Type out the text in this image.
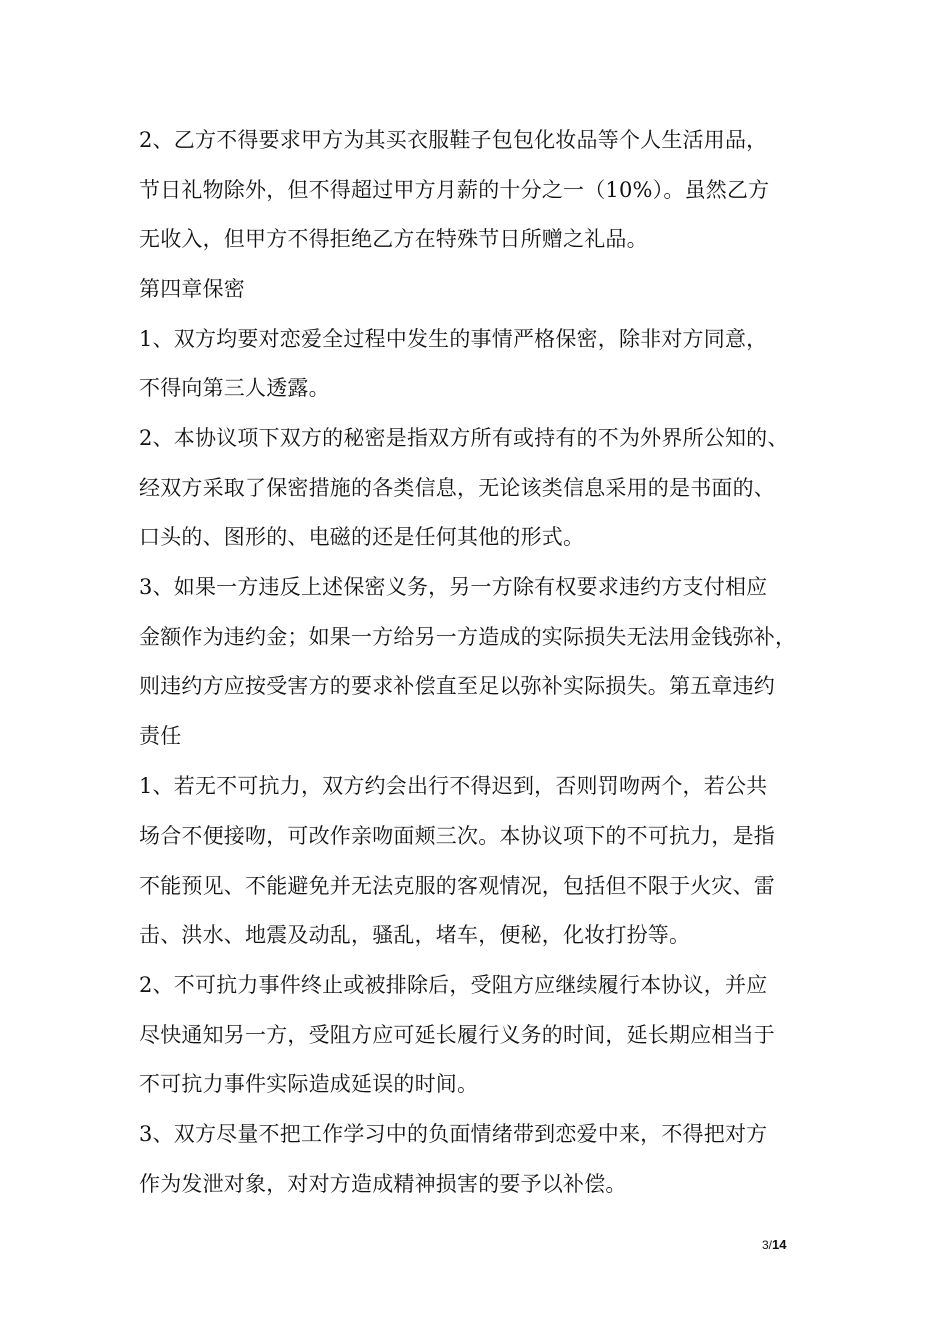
2、乙方不得要求甲方为其买衣服鞋子包包化妆品等个人生活用品，
节日礼物除外，但不得超过甲方月薪的十分之一（10%）。虽然乙方
无收入，但甲方不得拒绝乙方在特殊节日所赠之礼品。
第四章保密
1、双方均要对恋爱全过程中发生的事情严格保密，除非对方同意，
不得向第三人透露。
2、本协议项下双方的秘密是指双方所有或持有的不为外界所公知的、
经双方采取了保密措施的各类信息，无论该类信息采用的是书面的、
口头的、图形的、电磁的还是任何其他的形式。
3、如果一方违反上述保密义务，另一方除有权要求违约方支付相应
金额作为违约金；如果一方给另一方造成的实际损失无法用金钱弥补，
则违约方应按受害方的要求补偿直至足以弥补实际损失。第五章违约
责任
1、若无不可抗力，双方约会出行不得迟到，否则罚吻两个，若公共
场合不便接吻，可改作亲吻面颊三次。本协议项下的不可抗力，是指
不能预见、不能避免并无法克服的客观情况，包括但不限于火灾、雷
击、洪水、地震及动乱，骚乱，堵车，便秘，化妆打扮等。
2、不可抗力事件终止或被排除后，受阻方应继续履行本协议，并应
尽快通知另一方，受阻方应可延长履行义务的时间，延长期应相当于
不可抗力事件实际造成延误的时间。
3、双方尽量不把工作学习中的负面情绪带到恋爱中来，不得把对方
作为发泄对象，对对方造成精神损害的要予以补偿。
3/14
